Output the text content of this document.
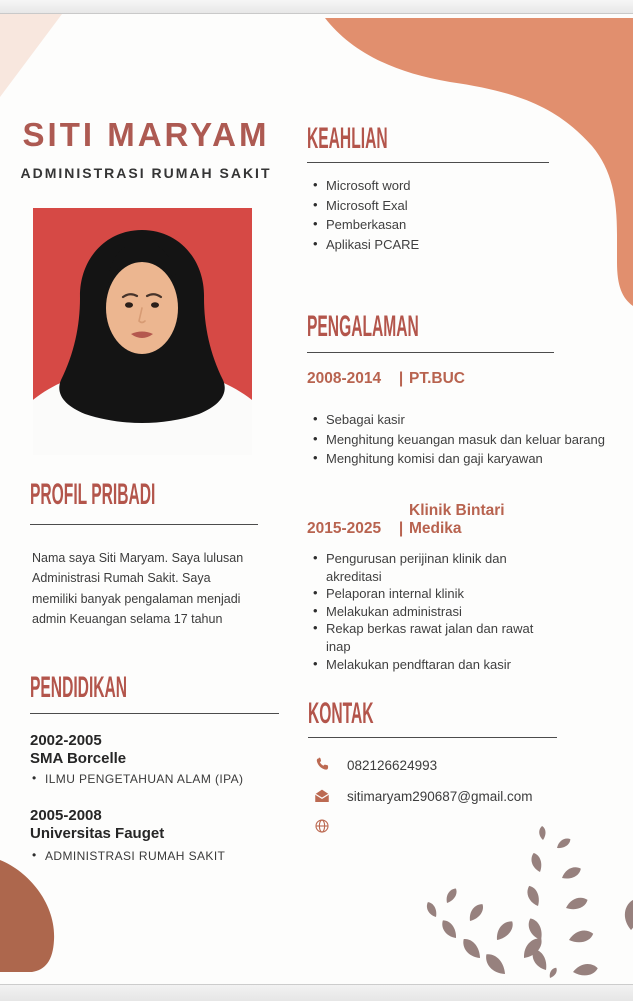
SITI MARYAM
ADMINISTRASI RUMAH SAKIT
PROFIL PRIBADI
Nama saya Siti Maryam. Saya lulusan Administrasi Rumah Sakit. Saya memiliki banyak pengalaman menjadi admin Keuangan selama 17 tahun
PENDIDIKAN
2002-2005
SMA Borcelle
• ILMU PENGETAHUAN ALAM (IPA)
2005-2008
Universitas Fauget
• ADMINISTRASI RUMAH SAKIT
KEAHLIAN
• Microsoft word
• Microsoft Exal
• Pemberkasan
• Aplikasi PCARE
PENGALAMAN
2008-2014	| PT.BUC
• Sebagai kasir
• Menghitung keuangan masuk dan keluar barang
• Menghitung komisi dan gaji karyawan
2015-2025	|
Klinik Bintari Medika
• Pengurusan perijinan klinik dan akreditasi
• Pelaporan internal klinik
• Melakukan administrasi
• Rekap berkas rawat jalan dan rawat inap
• Melakukan pendftaran dan kasir
KONTAK
082126624993
sitimaryam290687@gmail.com
